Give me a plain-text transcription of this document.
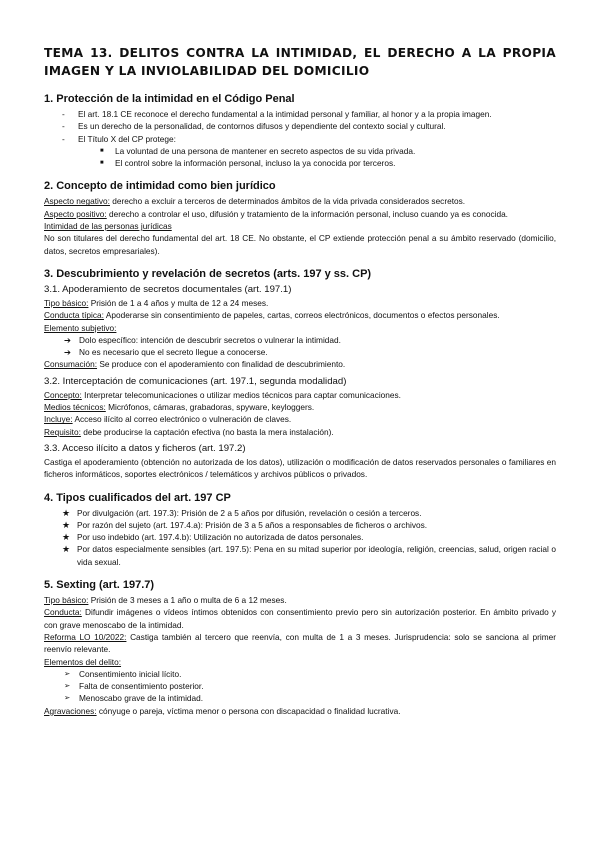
TEMA 13. DELITOS CONTRA LA INTIMIDAD, EL DERECHO A LA PROPIA IMAGEN Y LA INVIOLABILIDAD DEL DOMICILIO
1. Protección de la intimidad en el Código Penal
- El art. 18.1 CE reconoce el derecho fundamental a la intimidad personal y familiar, al honor y a la propia imagen.
- Es un derecho de la personalidad, de contornos difusos y dependiente del contexto social y cultural.
- El Título X del CP protege:
■ La voluntad de una persona de mantener en secreto aspectos de su vida privada.
■ El control sobre la información personal, incluso la ya conocida por terceros.
2. Concepto de intimidad como bien jurídico

Aspecto negativo: derecho a excluir a terceros de determinados ámbitos de la vida privada considerados secretos.

Aspecto positivo: derecho a controlar el uso, difusión y tratamiento de la información personal, incluso cuando ya es conocida.

Intimidad de las personas jurídicas

No son titulares del derecho fundamental del art. 18 CE. No obstante, el CP extiende protección penal a su ámbito reservado (domicilio, datos, secretos empresariales).

3. Descubrimiento y revelación de secretos (arts. 197 y ss. CP)
3.1. Apoderamiento de secretos documentales (art. 197.1)

Tipo básico: Prisión de 1 a 4 años y multa de 12 a 24 meses.

Conducta típica: Apoderarse sin consentimiento de papeles, cartas, correos electrónicos, documentos o efectos personales.

Elemento subjetivo:

➔ Dolo específico: intención de descubrir secretos o vulnerar la intimidad.
➔ No es necesario que el secreto llegue a conocerse.

Consumación: Se produce con el apoderamiento con finalidad de descubrimiento.

3.2. Interceptación de comunicaciones (art. 197.1, segunda modalidad)

Concepto: Interpretar telecomunicaciones o utilizar medios técnicos para captar comunicaciones.

Medios técnicos: Micrófonos, cámaras, grabadoras, spyware, keyloggers.

Incluye: Acceso ilícito al correo electrónico o vulneración de claves.

Requisito: debe producirse la captación efectiva (no basta la mera instalación).

3.3. Acceso ilícito a datos y ficheros (art. 197.2)

Castiga el apoderamiento (obtención no autorizada de los datos), utilización o modificación de datos reservados personales o familiares en ficheros informáticos, soportes electrónicos / telemáticos y archivos públicos o privados.

4. Tipos cualificados del art. 197 CP
★ Por divulgación (art. 197.3): Prisión de 2 a 5 años por difusión, revelación o cesión a terceros.
★ Por razón del sujeto (art. 197.4.a): Prisión de 3 a 5 años a responsables de ficheros o archivos.
★ Por uso indebido (art. 197.4.b): Utilización no autorizada de datos personales.
★ Por datos especialmente sensibles (art. 197.5): Pena en su mitad superior por ideología, religión, creencias, salud, origen racial o vida sexual.
5. Sexting (art. 197.7)

Tipo básico: Prisión de 3 meses a 1 año o multa de 6 a 12 meses.

Conducta: Difundir imágenes o vídeos íntimos obtenidos con consentimiento previo pero sin autorización posterior. En ámbito privado y con grave menoscabo de la intimidad.

Reforma LO 10/2022: Castiga también al tercero que reenvía, con multa de 1 a 3 meses. Jurisprudencia: solo se sanciona al primer reenvío relevante.

Elementos del delito:

➢ Consentimiento inicial lícito.
➢ Falta de consentimiento posterior.
➢ Menoscabo grave de la intimidad.

Agravaciones: cónyuge o pareja, víctima menor o persona con discapacidad o finalidad lucrativa.
